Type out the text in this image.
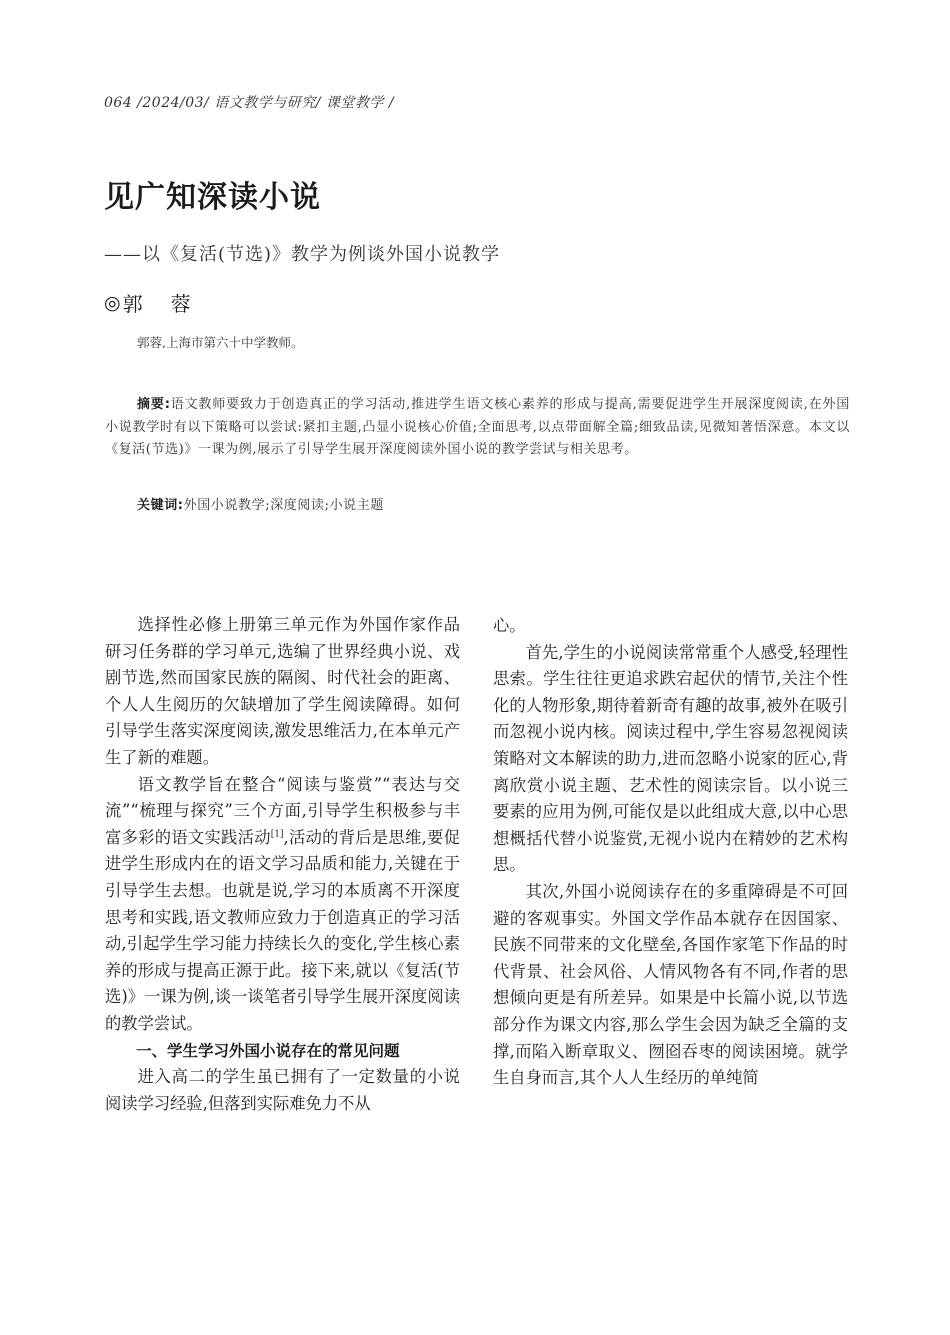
064 /2024/03/ 语文教学与研究/ 课堂教学 /
见广知深读小说

——以《复活(节选)》教学为例谈外国小说教学

◎ 郭蓉

郭蓉,上海市第六十中学教师。

摘要:语文教师要致力于创造真正的学习活动,推进学生语文核心素养的形成与提高,需要促进学生开展深度阅读,在外国小说教学时有以下策略可以尝试:紧扣主题,凸显小说核心价值;全面思考,以点带面解全篇;细致品读,见微知著悟深意。本文以《复活(节选)》一课为例,展示了引导学生展开深度阅读外国小说的教学尝试与相关思考。

关键词:外国小说教学;深度阅读;小说主题

选择性必修上册第三单元作为外国作家作品研习任务群的学习单元,选编了世界经典小说、戏剧节选,然而国家民族的隔阂、时代社会的距离、个人人生阅历的欠缺增加了学生阅读障碍。如何引导学生落实深度阅读,激发思维活力,在本单元产生了新的难题。

语文教学旨在整合“阅读与鉴赏”“表达与交流”“梳理与探究”三个方面,引导学生积极参与丰富多彩的语文实践活动[1],活动的背后是思维,要促进学生形成内在的语文学习品质和能力,关键在于引导学生去想。也就是说,学习的本质离不开深度思考和实践,语文教师应致力于创造真正的学习活动,引起学生学习能力持续长久的变化,学生核心素养的形成与提高正源于此。接下来,就以《复活(节选)》一课为例,谈一谈笔者引导学生展开深度阅读的教学尝试。

一、学生学习外国小说存在的常见问题

进入高二的学生虽已拥有了一定数量的小说阅读学习经验,但落到实际难免力不从

心。

首先,学生的小说阅读常常重个人感受,轻理性思索。学生往往更追求跌宕起伏的情节,关注个性化的人物形象,期待着新奇有趣的故事,被外在吸引而忽视小说内核。阅读过程中,学生容易忽视阅读策略对文本解读的助力,进而忽略小说家的匠心,背离欣赏小说主题、艺术性的阅读宗旨。以小说三要素的应用为例,可能仅是以此组成大意,以中心思想概括代替小说鉴赏,无视小说内在精妙的艺术构思。

其次,外国小说阅读存在的多重障碍是不可回避的客观事实。外国文学作品本就存在因国家、民族不同带来的文化壁垒,各国作家笔下作品的时代背景、社会风俗、人情风物各有不同,作者的思想倾向更是有所差异。如果是中长篇小说,以节选部分作为课文内容,那么学生会因为缺乏全篇的支撑,而陷入断章取义、囫囵吞枣的阅读困境。就学生自身而言,其个人人生经历的单纯简
